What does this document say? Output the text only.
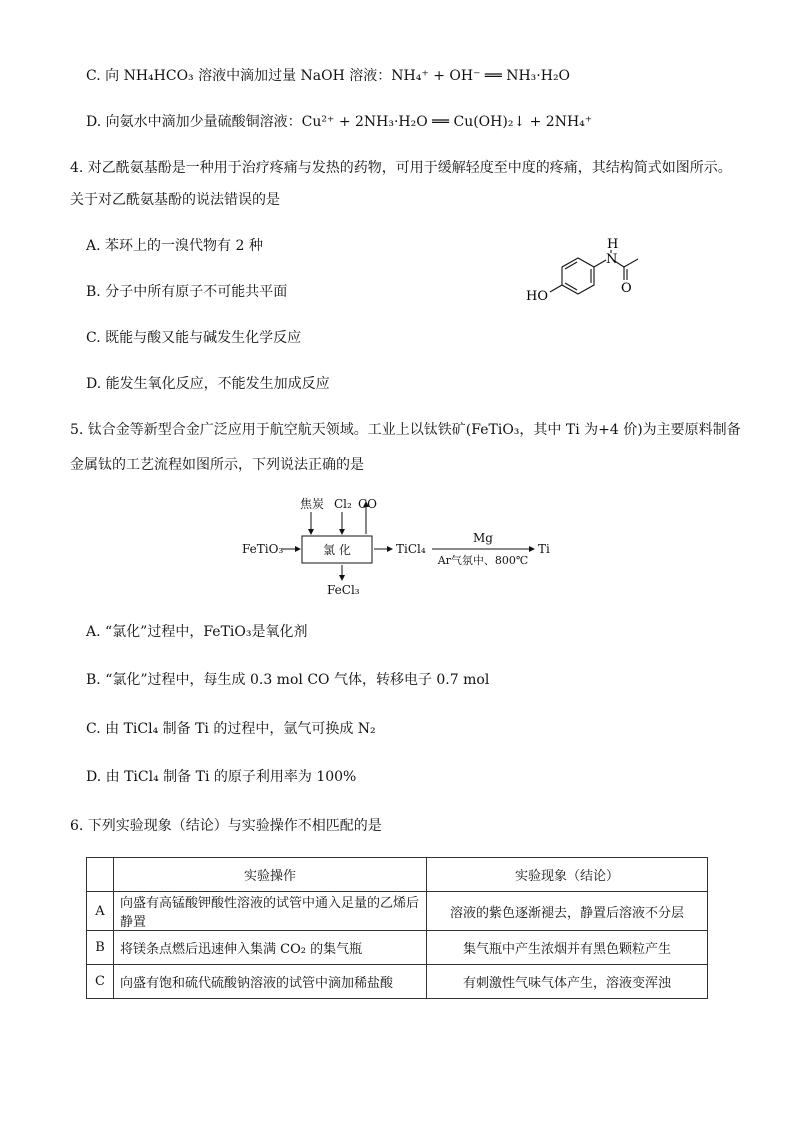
C. 向 NH₄HCO₃ 溶液中滴加过量 NaOH 溶液：NH₄⁺ + OH⁻ ══ NH₃·H₂O
D. 向氨水中滴加少量硫酸铜溶液：Cu²⁺ + 2NH₃·H₂O ══ Cu(OH)₂↓ + 2NH₄⁺
4. 对乙酰氨基酚是一种用于治疗疼痛与发热的药物，可用于缓解轻度至中度的疼痛，其结构简式如图所示。
关于对乙酰氨基酚的说法错误的是
A. 苯环上的一溴代物有 2 种
B. 分子中所有原子不可能共平面
C. 既能与酸又能与碱发生化学反应
D. 能发生氧化反应，不能发生加成反应
N
H
O
HO
5. 钛合金等新型合金广泛应用于航空航天领域。工业上以钛铁矿(FeTiO₃，其中 Ti 为+4 价)为主要原料制备
金属钛的工艺流程如图所示，下列说法正确的是
FeTiO₃
焦炭 Cl₂ CO
氯 化	TiCl₄
Mg
Ar气氛中、800℃
Ti
FeCl₃
A. “氯化”过程中，FeTiO₃是氧化剂
B. “氯化”过程中，每生成 0.3 mol CO 气体，转移电子 0.7 mol
C. 由 TiCl₄ 制备 Ti 的过程中，氩气可换成 N₂
D. 由 TiCl₄ 制备 Ti 的原子利用率为 100%
6. 下列实验现象（结论）与实验操作不相匹配的是
	实验操作	实验现象（结论）
A	向盛有高锰酸钾酸性溶液的试管中通入足量的乙烯后静置	溶液的紫色逐渐褪去，静置后溶液不分层
B	将镁条点燃后迅速伸入集满 CO₂ 的集气瓶	集气瓶中产生浓烟并有黑色颗粒产生
C	向盛有饱和硫代硫酸钠溶液的试管中滴加稀盐酸	有刺激性气味气体产生，溶液变浑浊
